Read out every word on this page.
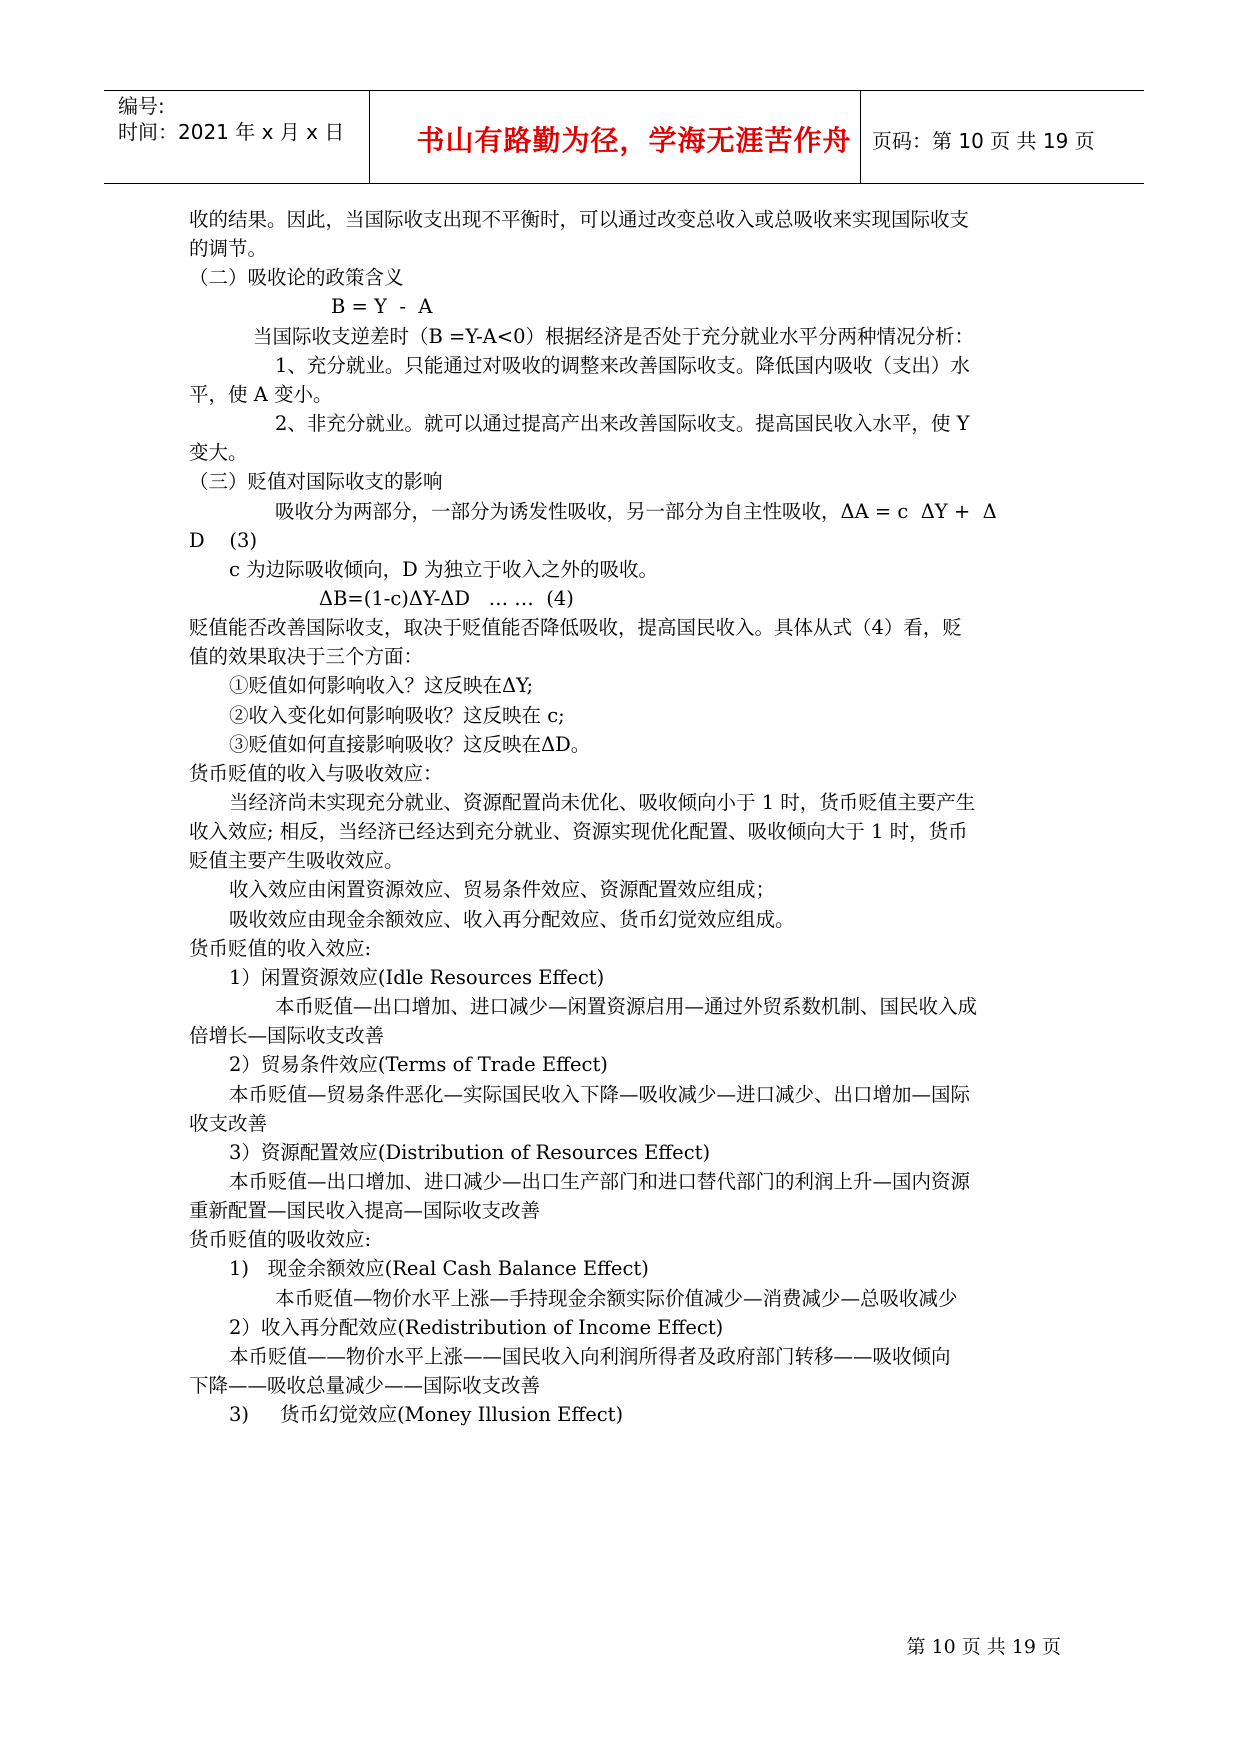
编号:
时间：2021 年 x 月 x 日	书山有路勤为径，学海无涯苦作舟	页码：第 10 页 共 19 页
收的结果。因此，当国际收支出现不平衡时，可以通过改变总收入或总吸收来实现国际收支
的调节。
（二）吸收论的政策含义
B = Y  -  A
当国际收支逆差时（B =Y-A<0）根据经济是否处于充分就业水平分两种情况分析：
1、充分就业。只能通过对吸收的调整来改善国际收支。降低国内吸收（支出）水
平，使 A 变小。
2、非充分就业。就可以通过提高产出来改善国际收支。提高国民收入水平，使 Y
变大。
（三）贬值对国际收支的影响
吸收分为两部分，一部分为诱发性吸收，另一部分为自主性吸收，ΔA = c  ΔY +  Δ
D    (3)
c 为边际吸收倾向，D 为独立于收入之外的吸收。
ΔB=(1-c)ΔY-ΔD   … …  (4)
贬值能否改善国际收支，取决于贬值能否降低吸收，提高国民收入。具体从式（4）看，贬
值的效果取决于三个方面：
①贬值如何影响收入？这反映在ΔY;
②收入变化如何影响吸收？这反映在 c;
③贬值如何直接影响吸收？这反映在ΔD。
货币贬值的收入与吸收效应：
当经济尚未实现充分就业、资源配置尚未优化、吸收倾向小于 1 时，货币贬值主要产生
收入效应; 相反，当经济已经达到充分就业、资源实现优化配置、吸收倾向大于 1 时，货币
贬值主要产生吸收效应。
收入效应由闲置资源效应、贸易条件效应、资源配置效应组成；
吸收效应由现金余额效应、收入再分配效应、货币幻觉效应组成。
货币贬值的收入效应:
1）闲置资源效应(Idle Resources Effect)
本币贬值—出口增加、进口减少—闲置资源启用—通过外贸系数机制、国民收入成
倍增长—国际收支改善
2）贸易条件效应(Terms of Trade Effect)
本币贬值—贸易条件恶化—实际国民收入下降—吸收减少—进口减少、出口增加—国际
收支改善
3）资源配置效应(Distribution of Resources Effect)
本币贬值—出口增加、进口减少—出口生产部门和进口替代部门的利润上升—国内资源
重新配置—国民收入提高—国际收支改善
货币贬值的吸收效应:
1)   现金余额效应(Real Cash Balance Effect)
本币贬值—物价水平上涨—手持现金余额实际价值减少—消费减少—总吸收减少
2）收入再分配效应(Redistribution of Income Effect)
本币贬值——物价水平上涨——国民收入向利润所得者及政府部门转移——吸收倾向
下降——吸收总量减少——国际收支改善
3)     货币幻觉效应(Money Illusion Effect)
第 10 页 共 19 页
